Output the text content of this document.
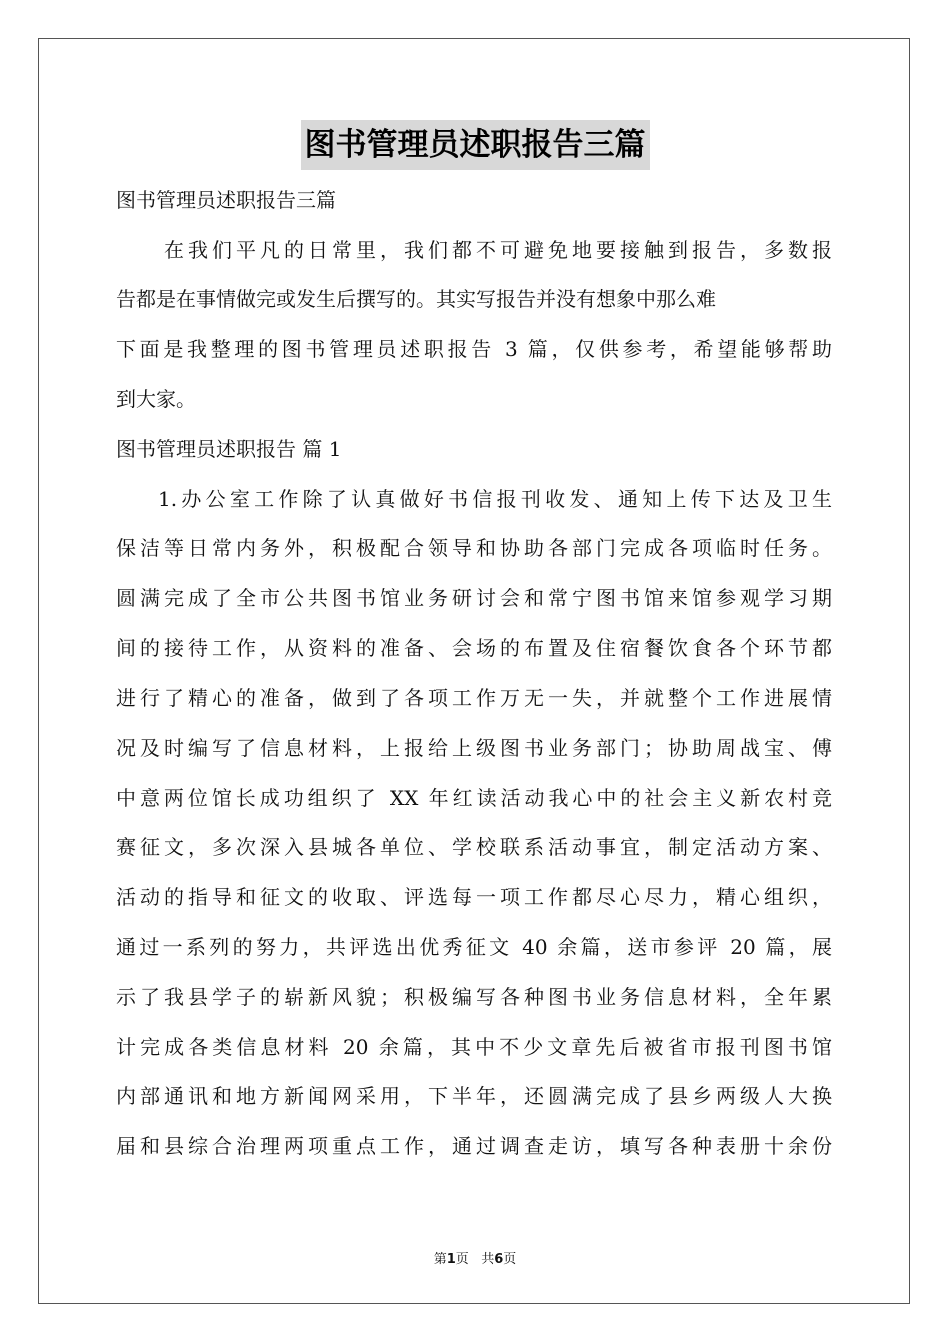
图书管理员述职报告三篇
图书管理员述职报告三篇
在我们平凡的日常里，我们都不可避免地要接触到报告，多数报
告都是在事情做完或发生后撰写的。其实写报告并没有想象中那么难
下面是我整理的图书管理员述职报告 3 篇，仅供参考，希望能够帮助
到大家。
图书管理员述职报告 篇 1
1.办公室工作除了认真做好书信报刊收发、通知上传下达及卫生
保洁等日常内务外，积极配合领导和协助各部门完成各项临时任务。
圆满完成了全市公共图书馆业务研讨会和常宁图书馆来馆参观学习期
间的接待工作，从资料的准备、会场的布置及住宿餐饮食各个环节都
进行了精心的准备，做到了各项工作万无一失，并就整个工作进展情
况及时编写了信息材料，上报给上级图书业务部门；协助周战宝、傅
中意两位馆长成功组织了 XX 年红读活动我心中的社会主义新农村竞
赛征文，多次深入县城各单位、学校联系活动事宜，制定活动方案、
活动的指导和征文的收取、评选每一项工作都尽心尽力，精心组织，
通过一系列的努力，共评选出优秀征文 40 余篇，送市参评 20 篇，展
示了我县学子的崭新风貌；积极编写各种图书业务信息材料，全年累
计完成各类信息材料 20 余篇，其中不少文章先后被省市报刊图书馆
内部通讯和地方新闻网采用，下半年，还圆满完成了县乡两级人大换
届和县综合治理两项重点工作，通过调查走访，填写各种表册十余份
第1页   共6页
